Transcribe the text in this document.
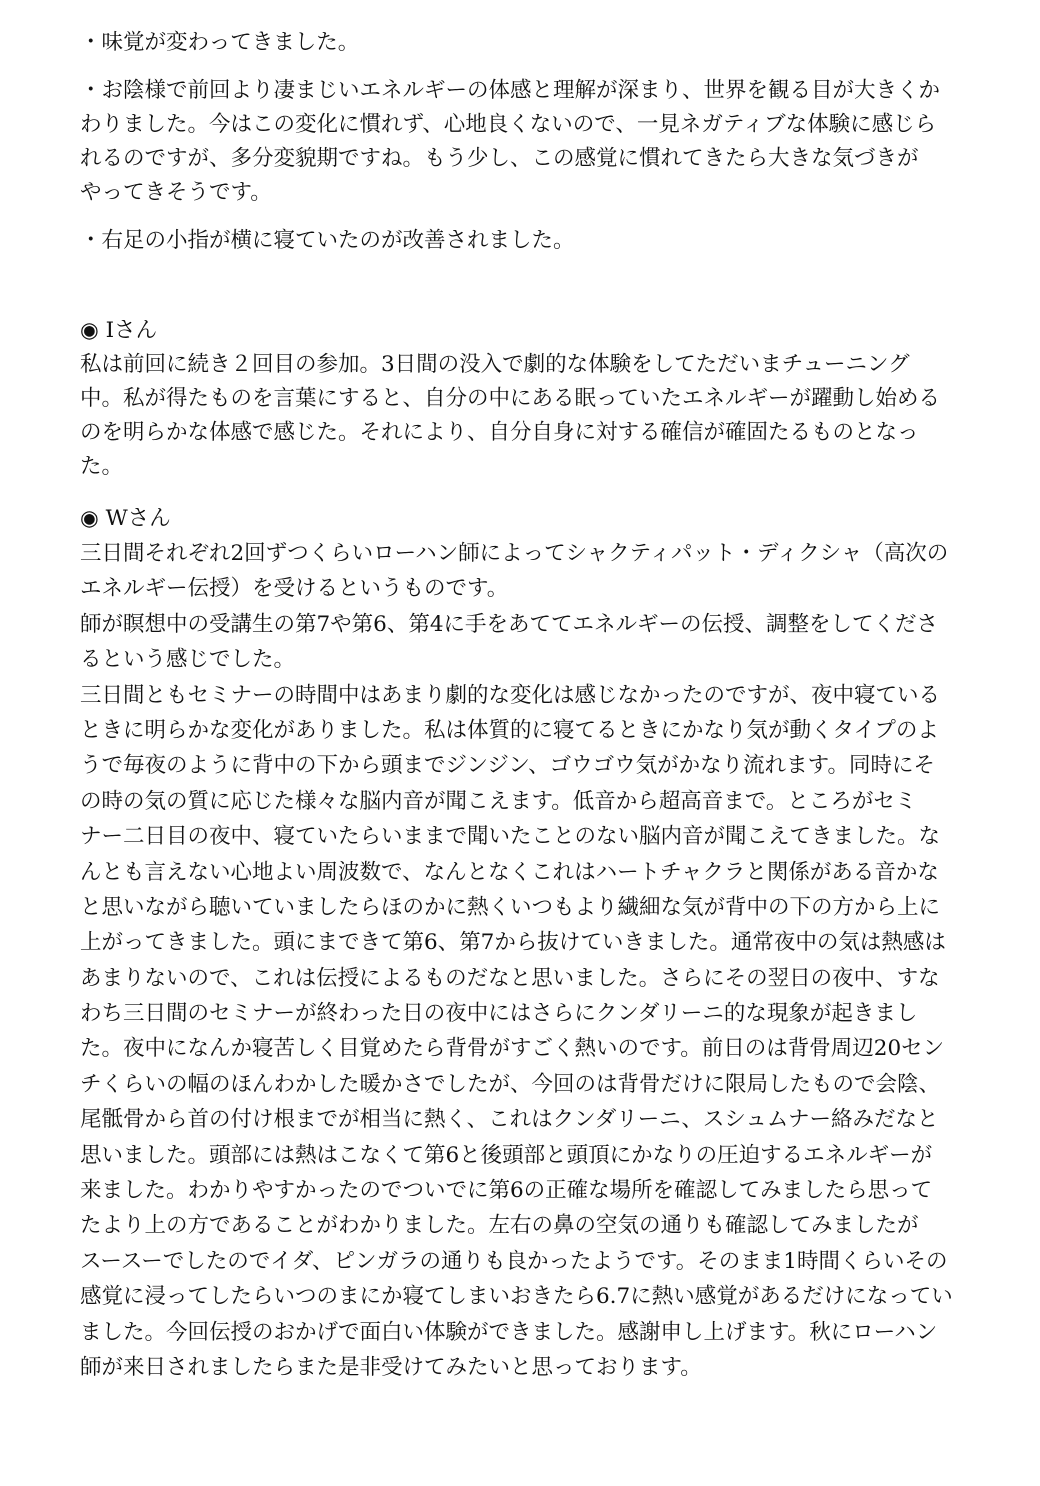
・味覚が変わってきました。

・お陰様で前回より凄まじいエネルギーの体感と理解が深まり、世界を観る目が大きくか
わりました。今はこの変化に慣れず、心地良くないので、一見ネガティブな体験に感じら
れるのですが、多分変貌期ですね。もう少し、この感覚に慣れてきたら大きな気づきが
やってきそうです。

・右足の小指が横に寝ていたのが改善されました。

◉ Iさん

私は前回に続き２回目の参加。3日間の没入で劇的な体験をしてただいまチューニング
中。私が得たものを言葉にすると、自分の中にある眠っていたエネルギーが躍動し始める
のを明らかな体感で感じた。それにより、自分自身に対する確信が確固たるものとなっ
た。

◉ Wさん

三日間それぞれ2回ずつくらいローハン師によってシャクティパット・ディクシャ（高次の
エネルギー伝授）を受けるというものです。
師が瞑想中の受講生の第7や第6、第4に手をあててエネルギーの伝授、調整をしてくださ
るという感じでした。
三日間ともセミナーの時間中はあまり劇的な変化は感じなかったのですが、夜中寝ている
ときに明らかな変化がありました。私は体質的に寝てるときにかなり気が動くタイプのよ
うで毎夜のように背中の下から頭までジンジン、ゴウゴウ気がかなり流れます。同時にそ
の時の気の質に応じた様々な脳内音が聞こえます。低音から超高音まで。ところがセミ
ナー二日目の夜中、寝ていたらいままで聞いたことのない脳内音が聞こえてきました。な
んとも言えない心地よい周波数で、なんとなくこれはハートチャクラと関係がある音かな
と思いながら聴いていましたらほのかに熱くいつもより繊細な気が背中の下の方から上に
上がってきました。頭にまできて第6、第7から抜けていきました。通常夜中の気は熱感は
あまりないので、これは伝授によるものだなと思いました。さらにその翌日の夜中、すな
わち三日間のセミナーが終わった日の夜中にはさらにクンダリーニ的な現象が起きまし
た。夜中になんか寝苦しく目覚めたら背骨がすごく熱いのです。前日のは背骨周辺20セン
チくらいの幅のほんわかした暖かさでしたが、今回のは背骨だけに限局したもので会陰、
尾骶骨から首の付け根までが相当に熱く、これはクンダリーニ、スシュムナー絡みだなと
思いました。頭部には熱はこなくて第6と後頭部と頭頂にかなりの圧迫するエネルギーが
来ました。わかりやすかったのでついでに第6の正確な場所を確認してみましたら思って
たより上の方であることがわかりました。左右の鼻の空気の通りも確認してみましたが
スースーでしたのでイダ、ピンガラの通りも良かったようです。そのまま1時間くらいその
感覚に浸ってしたらいつのまにか寝てしまいおきたら6.7に熱い感覚があるだけになってい
ました。今回伝授のおかげで面白い体験ができました。感謝申し上げます。秋にローハン
師が来日されましたらまた是非受けてみたいと思っております。
